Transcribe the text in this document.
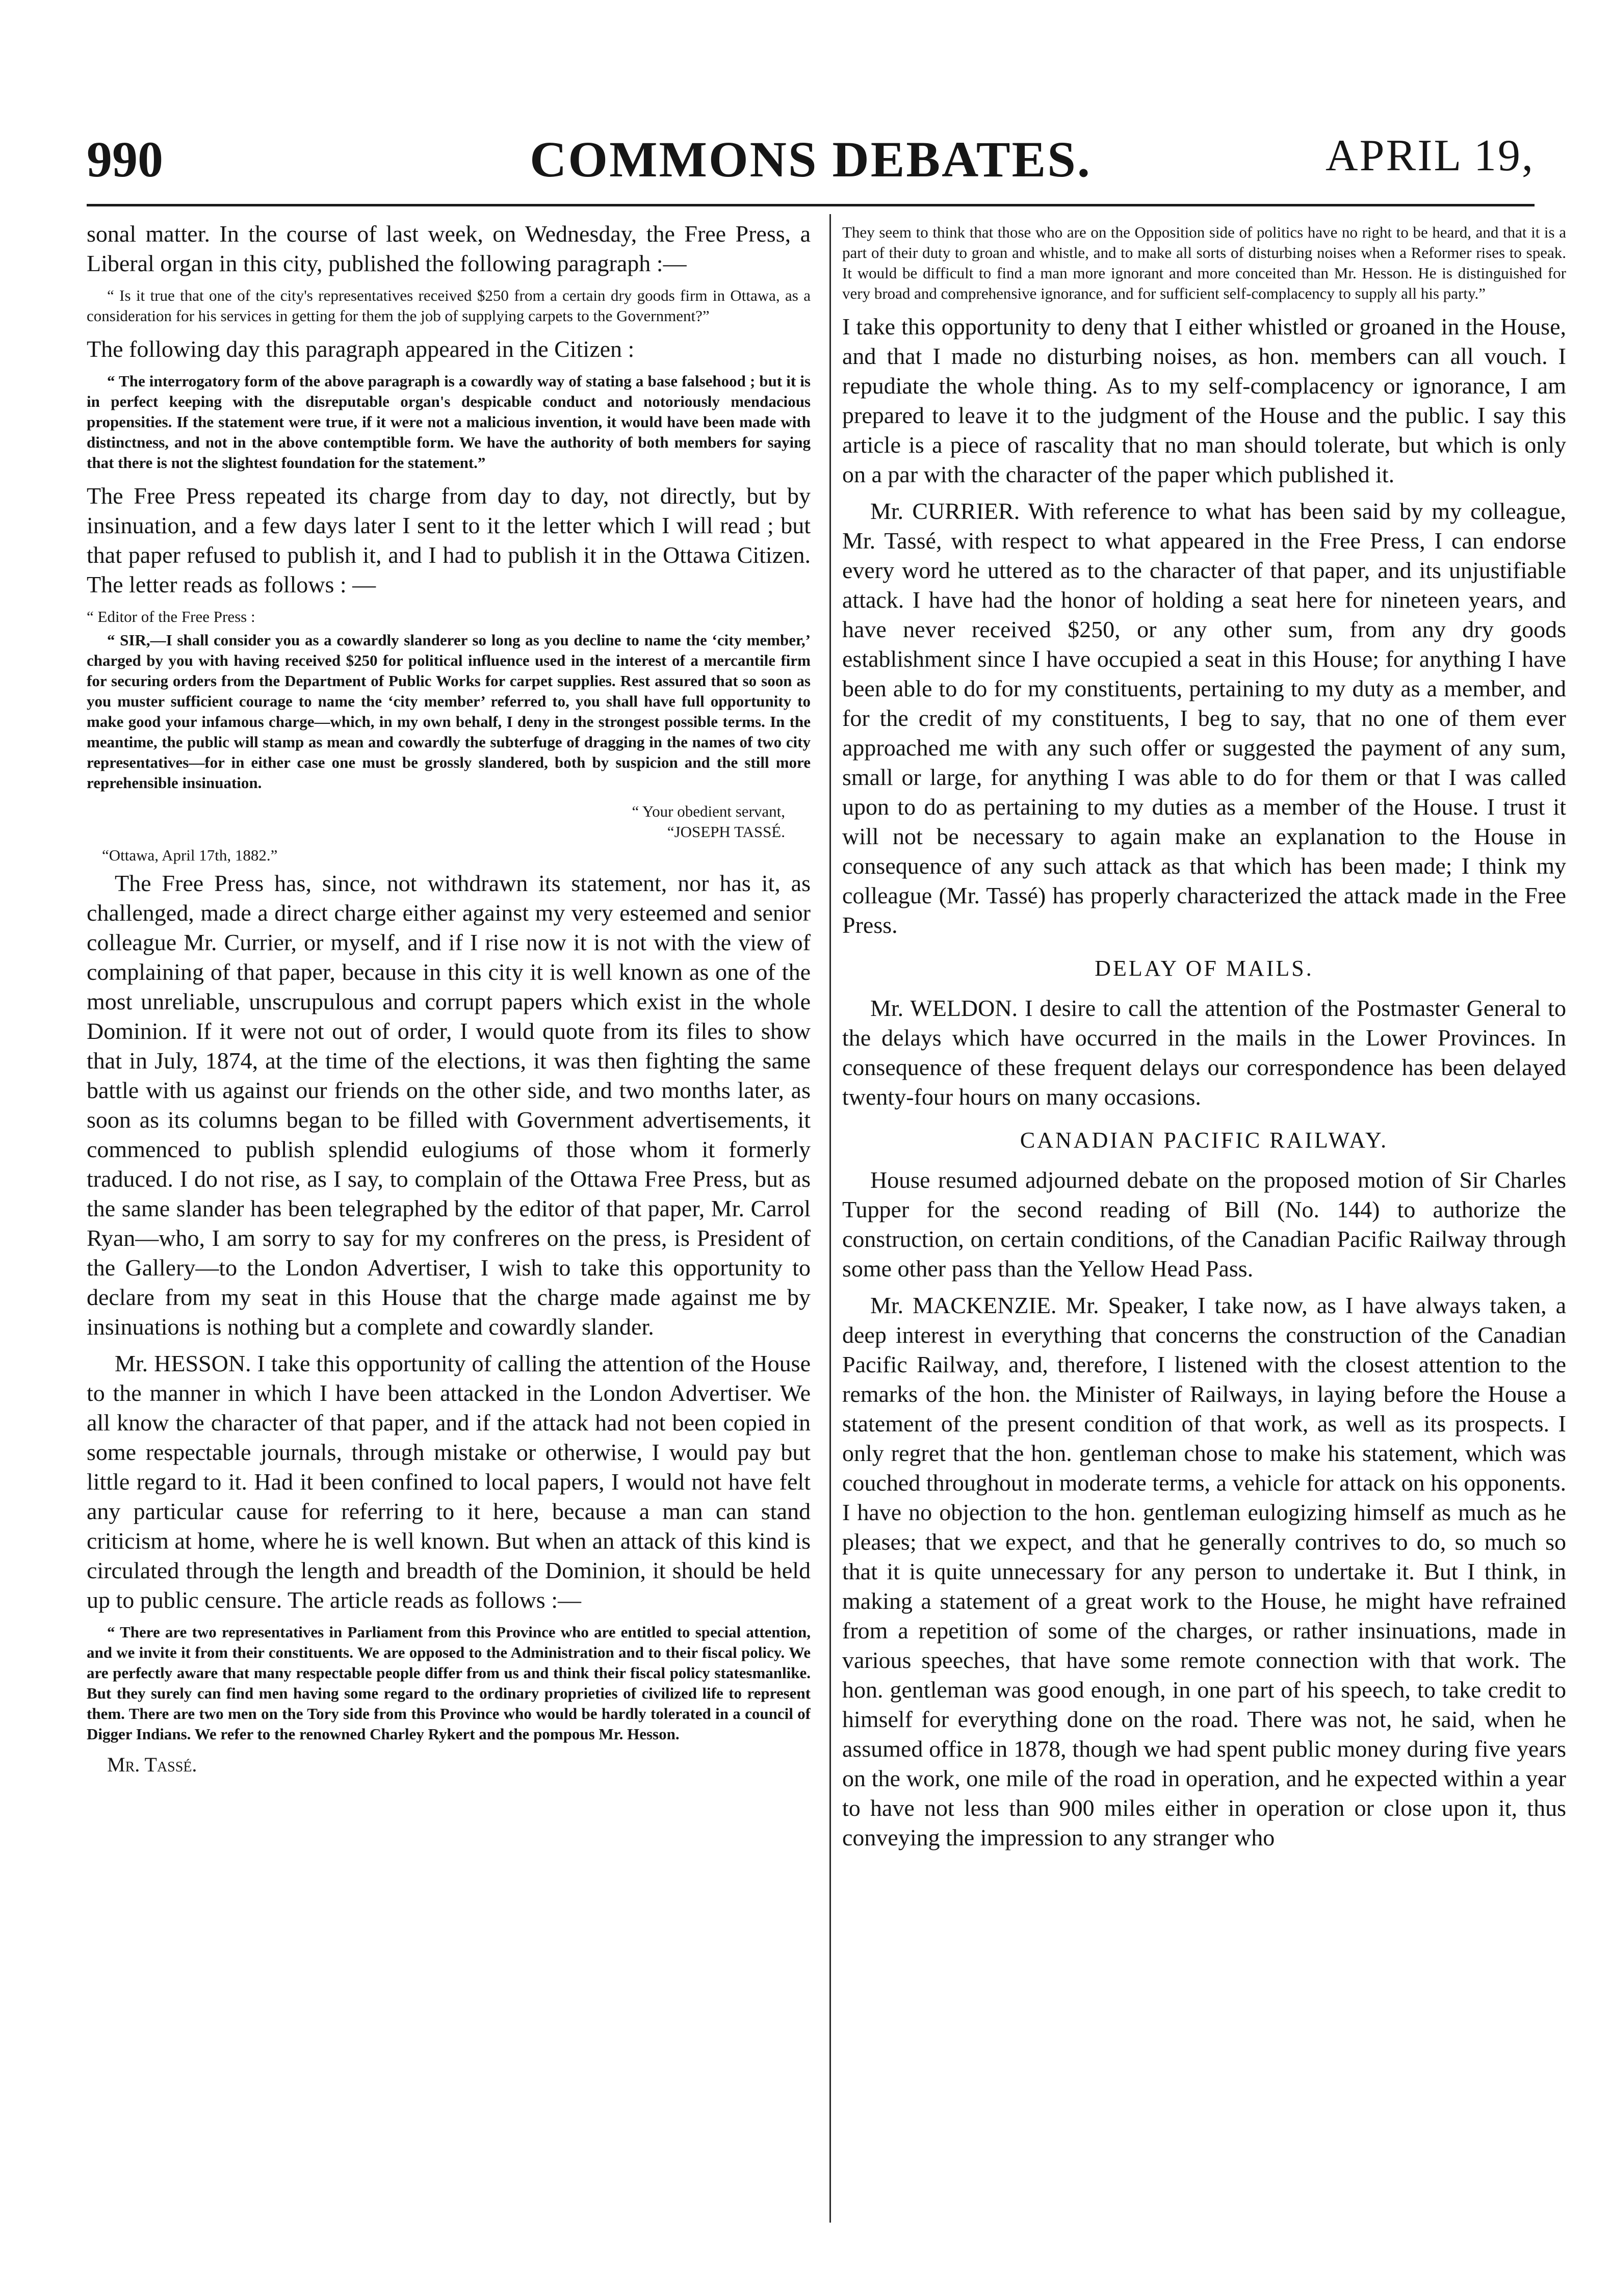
990	COMMONS DEBATES.	APRIL 19,

sonal matter. In the course of last week, on Wednesday, the Free Press, a Liberal organ in this city, published the following paragraph :—

“ Is it true that one of the city's representatives received $250 from a certain dry goods firm in Ottawa, as a consideration for his services in getting for them the job of supplying carpets to the Government?”

The following day this paragraph appeared in the Citizen :

“ The interrogatory form of the above paragraph is a cowardly way of stating a base falsehood ; but it is in perfect keeping with the disreputable organ's despicable conduct and notoriously mendacious propensities. If the statement were true, if it were not a malicious invention, it would have been made with distinctness, and not in the above contemptible form. We have the authority of both members for saying that there is not the slightest foundation for the statement.”

The Free Press repeated its charge from day to day, not directly, but by insinuation, and a few days later I sent to it the letter which I will read ; but that paper refused to publish it, and I had to publish it in the Ottawa Citizen. The letter reads as follows : —

“ Editor of the Free Press :
“ SIR,—I shall consider you as a cowardly slanderer so long as you decline to name the ‘city member,’ charged by you with having received $250 for political influence used in the interest of a mercantile firm for securing orders from the Department of Public Works for carpet supplies. Rest assured that so soon as you muster sufficient courage to name the ‘city member’ referred to, you shall have full opportunity to make good your infamous charge—which, in my own behalf, I deny in the strongest possible terms. In the meantime, the public will stamp as mean and cowardly the subterfuge of dragging in the names of two city representatives—for in either case one must be grossly slandered, both by suspicion and the still more reprehensible insinuation.
“ Your obedient servant,
“JOSEPH TASSÉ.
“Ottawa, April 17th, 1882.”

The Free Press has, since, not withdrawn its statement, nor has it, as challenged, made a direct charge either against my very esteemed and senior colleague Mr. Currier, or myself, and if I rise now it is not with the view of complaining of that paper, because in this city it is well known as one of the most unreliable, unscrupulous and corrupt papers which exist in the whole Dominion. If it were not out of order, I would quote from its files to show that in July, 1874, at the time of the elections, it was then fighting the same battle with us against our friends on the other side, and two months later, as soon as its columns began to be filled with Government advertisements, it commenced to publish splendid eulogiums of those whom it formerly traduced. I do not rise, as I say, to complain of the Ottawa Free Press, but as the same slander has been telegraphed by the editor of that paper, Mr. Carrol Ryan—who, I am sorry to say for my confreres on the press, is President of the Gallery—to the London Advertiser, I wish to take this opportunity to declare from my seat in this House that the charge made against me by insinuations is nothing but a complete and cowardly slander.

Mr. HESSON. I take this opportunity of calling the attention of the House to the manner in which I have been attacked in the London Advertiser. We all know the character of that paper, and if the attack had not been copied in some respectable journals, through mistake or otherwise, I would pay but little regard to it. Had it been confined to local papers, I would not have felt any particular cause for referring to it here, because a man can stand criticism at home, where he is well known. But when an attack of this kind is circulated through the length and breadth of the Dominion, it should be held up to public censure. The article reads as follows :—

“ There are two representatives in Parliament from this Province who are entitled to special attention, and we invite it from their constituents. We are opposed to the Administration and to their fiscal policy. We are perfectly aware that many respectable people differ from us and think their fiscal policy statesmanlike. But they surely can find men having some regard to the ordinary proprieties of civilized life to represent them. There are two men on the Tory side from this Province who would be hardly tolerated in a council of Digger Indians. We refer to the renowned Charley Rykert and the pompous Mr. Hesson.
Mr. Tassé.
They seem to think that those who are on the Opposition side of politics have no right to be heard, and that it is a part of their duty to groan and whistle, and to make all sorts of disturbing noises when a Reformer rises to speak. It would be difficult to find a man more ignorant and more conceited than Mr. Hesson. He is distinguished for very broad and comprehensive ignorance, and for sufficient self-complacency to supply all his party.”

I take this opportunity to deny that I either whistled or groaned in the House, and that I made no disturbing noises, as hon. members can all vouch. I repudiate the whole thing. As to my self-complacency or ignorance, I am prepared to leave it to the judgment of the House and the public. I say this article is a piece of rascality that no man should tolerate, but which is only on a par with the character of the paper which published it.

Mr. CURRIER. With reference to what has been said by my colleague, Mr. Tassé, with respect to what appeared in the Free Press, I can endorse every word he uttered as to the character of that paper, and its unjustifiable attack. I have had the honor of holding a seat here for nineteen years, and have never received $250, or any other sum, from any dry goods establishment since I have occupied a seat in this House; for anything I have been able to do for my constituents, pertaining to my duty as a member, and for the credit of my constituents, I beg to say, that no one of them ever approached me with any such offer or suggested the payment of any sum, small or large, for anything I was able to do for them or that I was called upon to do as pertaining to my duties as a member of the House. I trust it will not be necessary to again make an explanation to the House in consequence of any such attack as that which has been made; I think my colleague (Mr. Tassé) has properly characterized the attack made in the Free Press.

DELAY OF MAILS.

Mr. WELDON. I desire to call the attention of the Postmaster General to the delays which have occurred in the mails in the Lower Provinces. In consequence of these frequent delays our correspondence has been delayed twenty-four hours on many occasions.

CANADIAN PACIFIC RAILWAY.

House resumed adjourned debate on the proposed motion of Sir Charles Tupper for the second reading of Bill (No. 144) to authorize the construction, on certain conditions, of the Canadian Pacific Railway through some other pass than the Yellow Head Pass.

Mr. MACKENZIE. Mr. Speaker, I take now, as I have always taken, a deep interest in everything that concerns the construction of the Canadian Pacific Railway, and, therefore, I listened with the closest attention to the remarks of the hon. the Minister of Railways, in laying before the House a statement of the present condition of that work, as well as its prospects. I only regret that the hon. gentleman chose to make his statement, which was couched throughout in moderate terms, a vehicle for attack on his opponents. I have no objection to the hon. gentleman eulogizing himself as much as he pleases; that we expect, and that he generally contrives to do, so much so that it is quite unnecessary for any person to undertake it. But I think, in making a statement of a great work to the House, he might have refrained from a repetition of some of the charges, or rather insinuations, made in various speeches, that have some remote connection with that work. The hon. gentleman was good enough, in one part of his speech, to take credit to himself for everything done on the road. There was not, he said, when he assumed office in 1878, though we had spent public money during five years on the work, one mile of the road in operation, and he expected within a year to have not less than 900 miles either in operation or close upon it, thus conveying the impression to any stranger who
